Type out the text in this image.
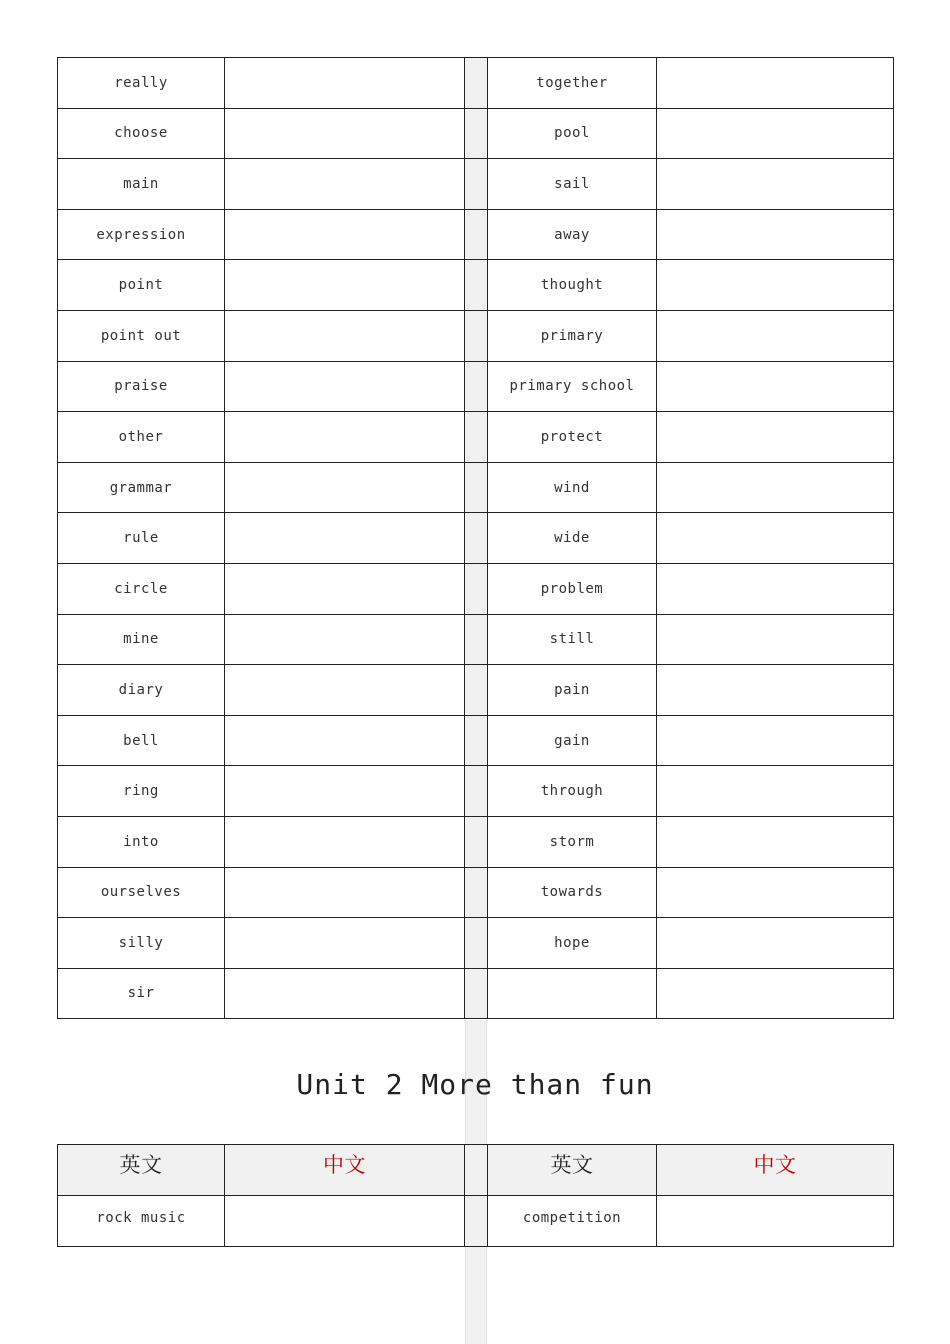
really			together	
choose			pool	
main			sail	
expression			away	
point			thought	
point out			primary	
praise			primary school	
other			protect	
grammar			wind	
rule			wide	
circle			problem	
mine			still	
diary			pain	
bell			gain	
ring			through	
into			storm	
ourselves			towards	
silly			hope	
sir				
Unit 2 More than fun
英文	中文		英文	中文
rock music			competition	
